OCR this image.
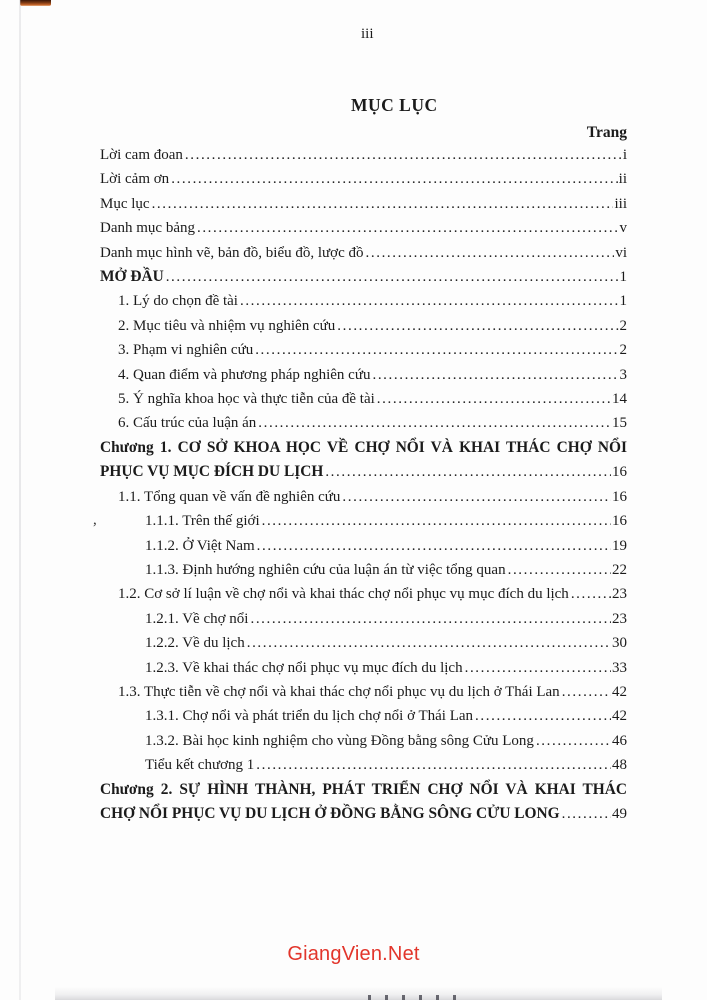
iii
MỤC LỤC
Trang
Lời cam đoan .....	i
Lời cảm ơn .....	ii
Mục lục .....	iii
Danh mục bảng .....	v
Danh mục hình vẽ, bản đồ, biểu đồ, lược đồ .....	vi
MỞ ĐẦU .....	1
1. Lý do chọn đề tài .....	1
2. Mục tiêu và nhiệm vụ nghiên cứu .....	2
3. Phạm vi nghiên cứu .....	2
4. Quan điểm và phương pháp nghiên cứu .....	3
5. Ý nghĩa khoa học và thực tiễn của đề tài .....	14
6. Cấu trúc của luận án .....	15
Chương 1. CƠ SỞ KHOA HỌC VỀ CHỢ NỔI VÀ KHAI THÁC CHỢ NỔI
PHỤC VỤ MỤC ĐÍCH DU LỊCH .....	16
1.1. Tổng quan về vấn đề nghiên cứu .....	16
1.1.1. Trên thế giới .....	16
1.1.2. Ở Việt Nam .....	19
1.1.3. Định hướng nghiên cứu của luận án từ việc tổng quan .....	22
1.2. Cơ sở lí luận về chợ nổi và khai thác chợ nổi phục vụ mục đích du lịch .....	23
1.2.1. Về chợ nổi .....	23
1.2.2. Về du lịch .....	30
1.2.3. Về khai thác chợ nổi phục vụ mục đích du lịch .....	33
1.3. Thực tiễn về chợ nổi và khai thác chợ nổi phục vụ du lịch ở Thái Lan .....	42
1.3.1. Chợ nổi và phát triển du lịch chợ nổi ở Thái Lan .....	42
1.3.2. Bài học kinh nghiệm cho vùng Đồng bằng sông Cửu Long .....	46
Tiểu kết chương 1 .....	48
Chương 2. SỰ HÌNH THÀNH, PHÁT TRIỂN CHỢ NỔI VÀ KHAI THÁC
CHỢ NỔI PHỤC VỤ DU LỊCH Ở ĐỒNG BẰNG SÔNG CỬU LONG .....	49
,
GiangVien.Net
